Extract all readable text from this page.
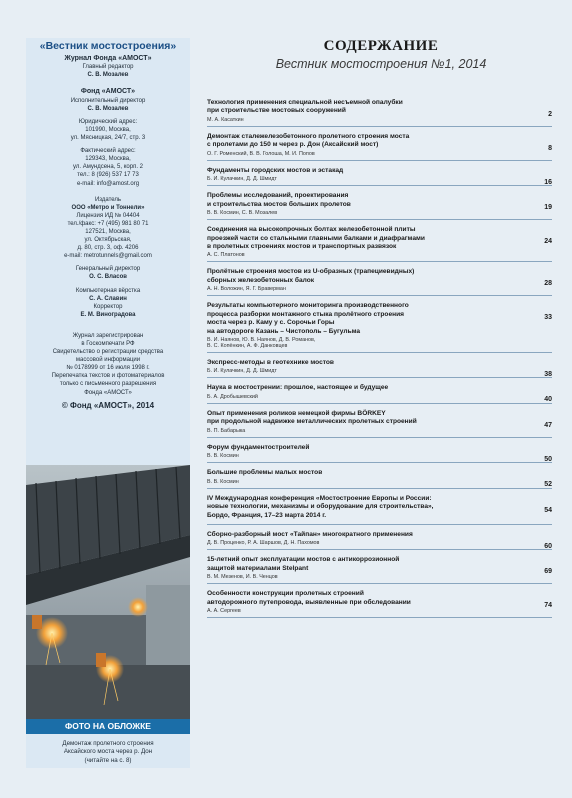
«Вестник мостостроения»
Журнал Фонда «АМОСТ»
Главный редактор
С. В. Мозалев
Фонд «АМОСТ»
Исполнительный директор
С. В. Мозалев
Юридический адрес:
101990, Москва,
ул. Мясницкая, 24/7, стр. 3
Фактический адрес:
129343, Москва,
ул. Амундсена, 5, корп. 2
тел.: 8 (926) 537 17 73
e-mail: info@amost.org
Издатель
ООО «Метро и Тоннели»
Лицензия ИД № 04404
тел./факс: +7 (495) 981 80 71
127521, Москва,
ул. Октябрьская,
д. 80, стр. 3, оф. 4206
e-mail: metrotunnels@gmail.com
Генеральный директор
О. С. Власов
Компьютерная вёрстка
С. А. Славин
Корректор
Е. М. Виноградова
Журнал зарегистрирован
в Госкомпечати РФ
Свидетельство о регистрации средства
массовой информации
№ 0178999 от 16 июля 1998 г.
Перепечатка текстов и фотоматериалов
только с письменного разрешения
Фонда «АМОСТ»
© Фонд «АМОСТ», 2014
ФОТО НА ОБЛОЖКЕ
Демонтаж пролетного строения
Аксайского моста через р. Дон
(читайте на с. 8)
СОДЕРЖАНИЕ
Вестник мостостроения №1, 2014
Технология применения специальной несъемной опалубки
при строительстве мостовых сооружений
М. А. Касаткин
2
Демонтаж сталежелезобетонного пролетного строения моста
с пролетами до 150 м через р. Дон (Аксайский мост)
О. Г. Роменский, В. В. Голоша, М. И. Попов
8
Фундаменты городских мостов и эстакад
Б. И. Кулачкин, Д. Д. Шмидт	16
Проблемы исследований, проектирования
и строительства мостов больших пролетов
В. В. Космин, С. В. Мозалев
19
Соединения на высокопрочных болтах железобетонной плиты
проезжей части со стальными главными балками и диафрагмами
в пролетных строениях мостов и транспортных развязок
А. С. Платонов
24
Пролётные строения мостов из U-образных (трапециевидных)
сборных железобетонных балок
А. Н. Воложин, Я. Г. Браверман
28
Результаты компьютерного мониторинга производственного
процесса разборки монтажного стыка пролётного строения
моста через р. Каму у с. Сорочьи Горы
на автодороге Казань – Чистополь – Бугульма
В. И. Наянов, Ю. В. Наянов, Д. В. Романов,
В. С. Копёнкин, А. Ф. Данковцев
33
Экспресс-методы в геотехнике мостов
Б. И. Кулачкин, Д. Д. Шмидт	38
Наука в мостострении: прошлое, настоящее и будущее
Б. А. Дробышевский	40
Опыт применения роликов немецкой фирмы BÖRKEY
при продольной надвижке металлических пролетных строений
В. П. Бабарыка
47
Форум фундаментостроителей
В. В. Космин	50
Большие проблемы малых мостов
В. В. Космин	52
IV Международная конференция «Мостостроение Европы и России:
новые технологии, механизмы и оборудование для строительства»,
Бордо, Франция, 17–23 марта 2014 г.
54
Сборно-разборный мост «Тайпан» многократного применения
Д. В. Проценко, Р. А. Шаршов, Д. Н. Пахомов	60
15-летний опыт эксплуатации мостов с антикоррозионной
защитой материалами Stelpant
В. М. Мезенов, И. В. Ченцов
69
Особенности конструкции пролетных строений
автодорожного путепровода, выявленные при обследовании
А. А. Сергеев
74
